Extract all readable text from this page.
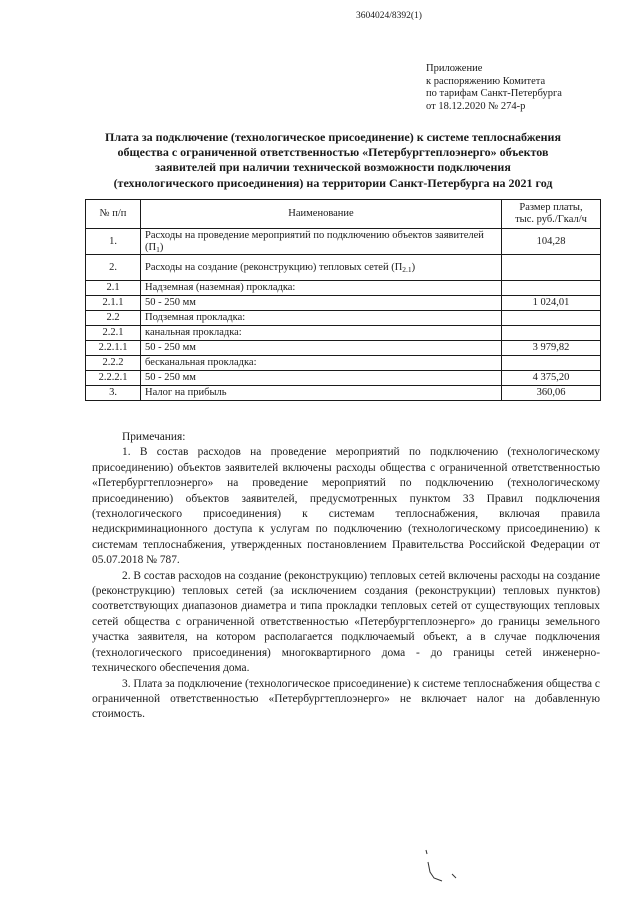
3604024/8392(1)
Приложение
к распоряжению Комитета
по тарифам Санкт-Петербурга
от 18.12.2020 № 274-р
Плата за подключение (технологическое присоединение) к системе теплоснабжения
общества с ограниченной ответственностью «Петербургтеплоэнерго» объектов
заявителей при наличии технической возможности подключения
(технологического присоединения) на территории Санкт-Петербурга на 2021 год
№ п/п	Наименование	Размер платы,
тыс. руб./Гкал/ч
1.	Расходы на проведение мероприятий по подключению объектов заявителей $(П_1)$	104,28
2.	Расходы на создание (реконструкцию) тепловых сетей $(П_{2.1})$	
2.1	Надземная (наземная) прокладка:	
2.1.1	50 - 250 мм	1 024,01
2.2	Подземная прокладка:	
2.2.1	канальная прокладка:	
2.2.1.1	50 - 250 мм	3 979,82
2.2.2	бесканальная прокладка:	
2.2.2.1	50 - 250 мм	4 375,20
3.	Налог на прибыль	360,06
Примечания:

1. В состав расходов на проведение мероприятий по подключению (технологическому присоединению) объектов заявителей включены расходы общества с ограниченной ответственностью «Петербургтеплоэнерго» на проведение мероприятий по подключению (технологическому присоединению) объектов заявителей, предусмотренных пунктом 33 Правил подключения (технологического присоединения) к системам теплоснабжения, включая правила недискриминационного доступа к услугам по подключению (технологическому присоединению) к системам теплоснабжения, утвержденных постановлением Правительства Российской Федерации от 05.07.2018 № 787.

2. В состав расходов на создание (реконструкцию) тепловых сетей включены расходы на создание (реконструкцию) тепловых сетей (за исключением создания (реконструкции) тепловых пунктов) соответствующих диапазонов диаметра и типа прокладки тепловых сетей от существующих тепловых сетей общества с ограниченной ответственностью «Петербургтеплоэнерго» до границы земельного участка заявителя, на котором располагается подключаемый объект, а в случае подключения (технологического присоединения) многоквартирного дома - до границы сетей инженерно-технического обеспечения дома.

3. Плата за подключение (технологическое присоединение) к системе теплоснабжения общества с ограниченной ответственностью «Петербургтеплоэнерго» не включает налог на добавленную стоимость.
